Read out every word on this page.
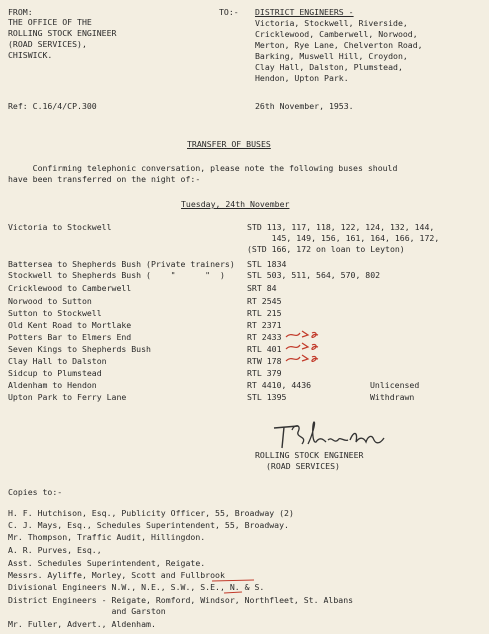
FROM:
THE OFFICE OF THE
ROLLING STOCK ENGINEER
(ROAD SERVICES),
CHISWICK.
TO:- DISTRICT ENGINEERS -
Victoria, Stockwell, Riverside,
Cricklewood, Camberwell, Norwood,
Merton, Rye Lane, Chelverton Road,
Barking, Muswell Hill, Croydon,
Clay Hall, Dalston, Plumstead,
Hendon, Upton Park.
Ref: C.16/4/CP.300	26th November, 1953.
TRANSFER OF BUSES
Confirming telephonic conversation, please note the following buses should
have been transferred on the night of:-
Tuesday, 24th November
Victoria to Stockwell	STD 113, 117, 118, 122, 124, 132, 144,
145, 149, 156, 161, 164, 166, 172,
(STD 166, 172 on loan to Leyton)
Battersea to Shepherds Bush (Private trainers) STL 1834
Stockwell to Shepherds Bush (    "      "  )	STL 503, 511, 564, 570, 802
Cricklewood to Camberwell	SRT 84
Norwood to Sutton	RT 2545
Sutton to Stockwell	RTL 215
Old Kent Road to Mortlake	RT 2371
Potters Bar to Elmers End	RT 2433
Seven Kings to Shepherds Bush	RTL 401
Clay Hall to Dalston	RTW 178
Sidcup to Plumstead	RTL 379
Aldenham to Hendon	RT 4410, 4436	Unlicensed
Upton Park to Ferry Lane	STL 1395	Withdrawn
ROLLING STOCK ENGINEER
(ROAD SERVICES)
Copies to:-
H. F. Hutchison, Esq., Publicity Officer, 55, Broadway (2)
C. J. Mays, Esq., Schedules Superintendent, 55, Broadway.
Mr. Thompson, Traffic Audit, Hillingdon.
A. R. Purves, Esq.,
Asst. Schedules Superintendent, Reigate.
Messrs. Ayliffe, Morley, Scott and Fullbrook
Divisional Engineers N.W., N.E., S.W., S.E., N. & S.
District Engineers - Reigate, Romford, Windsor, Northfleet, St. Albans
and Garston
Mr. Fuller, Advert., Aldenham.
